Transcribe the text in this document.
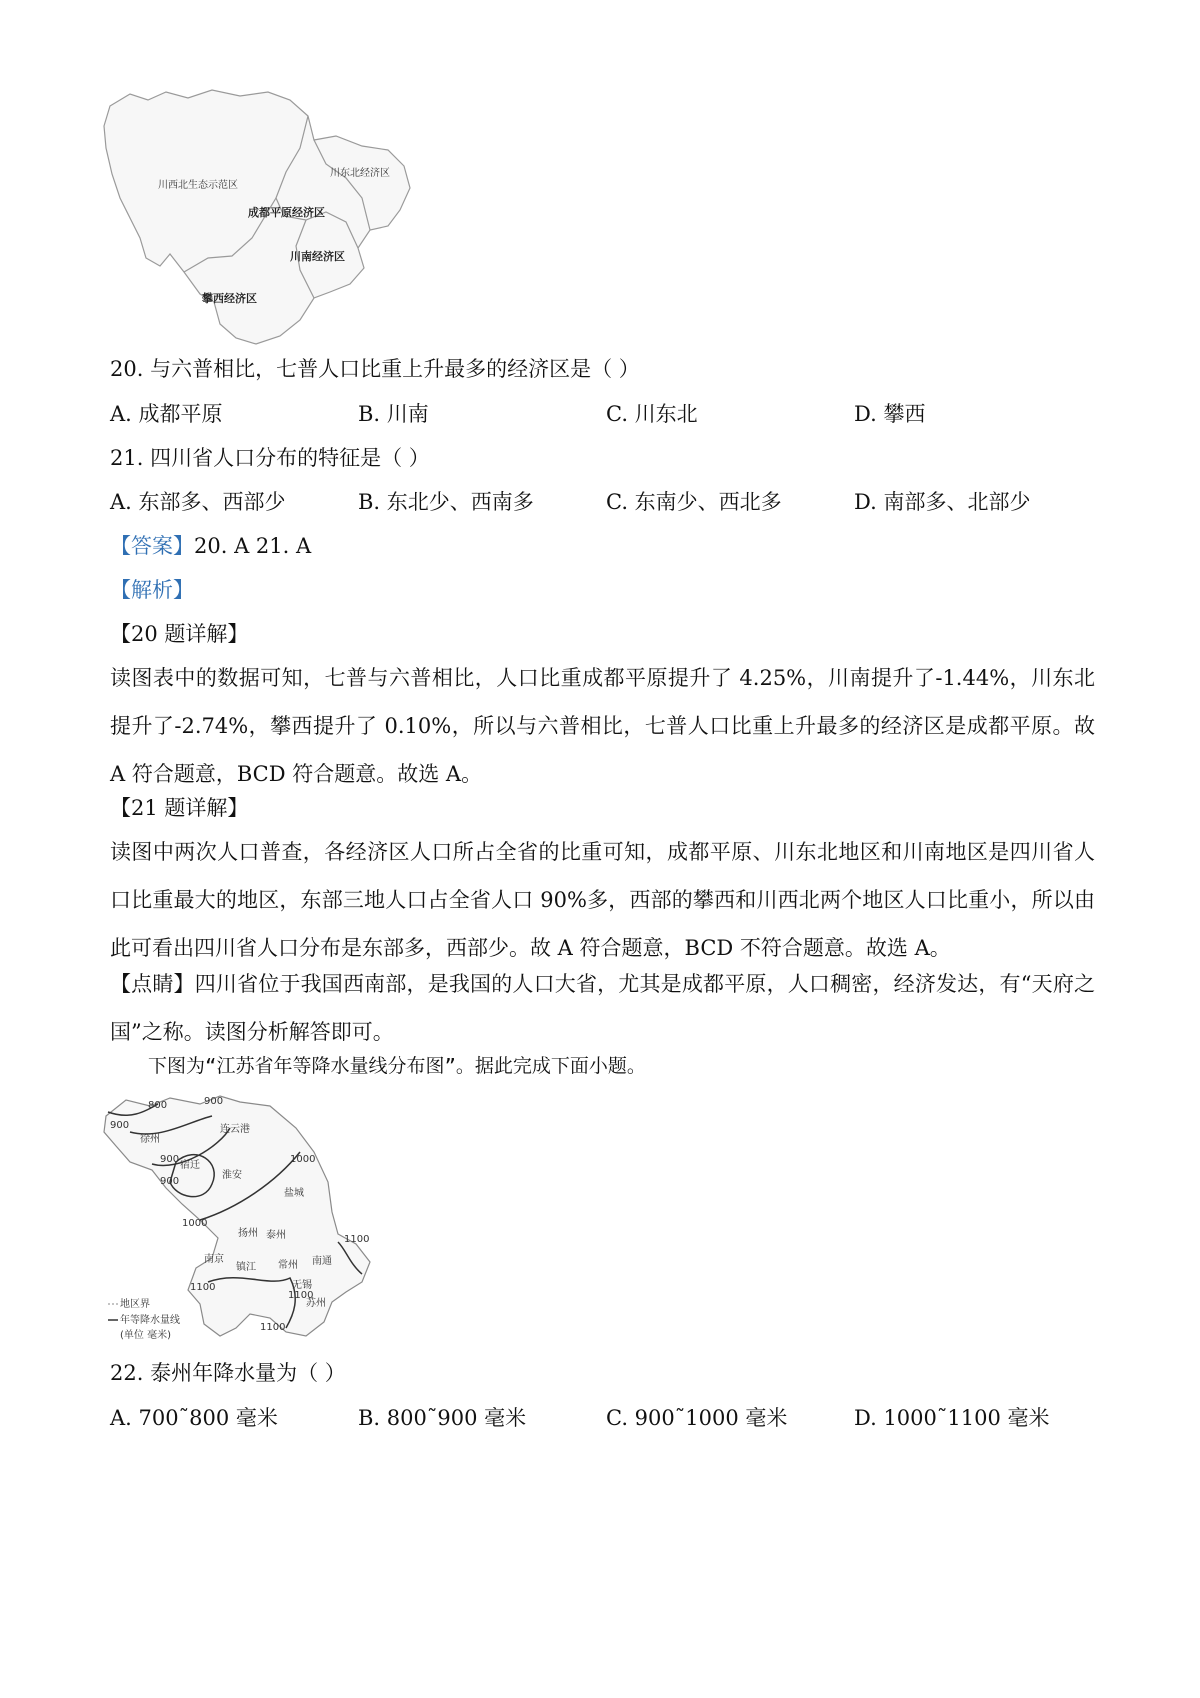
川西北生态示范区
川东北经济区
成都平原经济区
川南经济区
攀西经济区
20. 与六普相比，七普人口比重上升最多的经济区是（ ）
A. 成都平原	B. 川南	C. 川东北	D. 攀西
21. 四川省人口分布的特征是（ ）
A. 东部多、西部少	B. 东北少、西南多	C. 东南少、西北多	D. 南部多、北部少
【答案】20. A 21. A
【解析】
【20 题详解】
读图表中的数据可知，七普与六普相比，人口比重成都平原提升了 4.25%，川南提升了-1.44%，川东北提升了-2.74%，攀西提升了 0.10%，所以与六普相比，七普人口比重上升最多的经济区是成都平原。故 A 符合题意，BCD 符合题意。故选 A。
【21 题详解】
读图中两次人口普查，各经济区人口所占全省的比重可知，成都平原、川东北地区和川南地区是四川省人口比重最大的地区，东部三地人口占全省人口 90%多，西部的攀西和川西北两个地区人口比重小，所以由此可看出四川省人口分布是东部多，西部少。故 A 符合题意，BCD 不符合题意。故选 A。
【点睛】四川省位于我国西南部，是我国的人口大省，尤其是成都平原，人口稠密，经济发达，有“天府之国”之称。读图分析解答即可。
下图为“江苏省年等降水量线分布图”。据此完成下面小题。
800	900
900
900
900
1000
1000
1100
1100
1100
1100
徐州
连云港
宿迁
淮安
盐城
扬州 泰州
南京
镇江 常州 南通
无锡
苏州
地区界
年等降水量线
(单位 毫米)
22. 泰州年降水量为（ ）
A. 700˜800 毫米	B. 800˜900 毫米	C. 900˜1000 毫米	D. 1000˜1100 毫米
